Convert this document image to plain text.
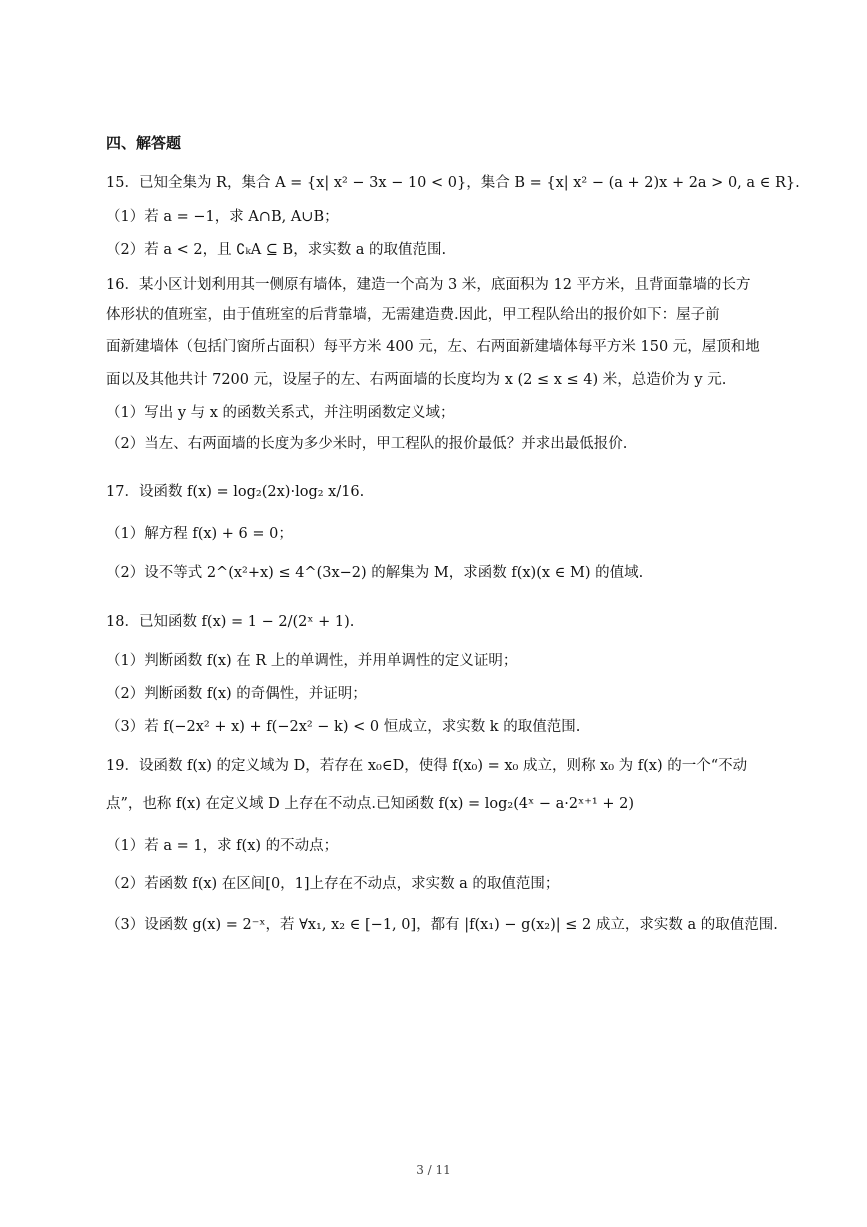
四、解答题
15．已知全集为 R，集合 A = {x| x² − 3x − 10 < 0}，集合 B = {x| x² − (a + 2)x + 2a > 0, a ∈ R}.
（1）若 a = −1，求 A∩B, A∪B；
（2）若 a < 2，且 ∁ₖA ⊆ B，求实数 a 的取值范围.
16．某小区计划利用其一侧原有墙体，建造一个高为 3 米，底面积为 12 平方米，且背面靠墙的长方
体形状的值班室，由于值班室的后背靠墙，无需建造费.因此，甲工程队给出的报价如下：屋子前
面新建墙体（包括门窗所占面积）每平方米 400 元，左、右两面新建墙体每平方米 150 元，屋顶和地
面以及其他共计 7200 元，设屋子的左、右两面墙的长度均为 x (2 ≤ x ≤ 4) 米，总造价为 y 元.
（1）写出 y 与 x 的函数关系式，并注明函数定义域；
（2）当左、右两面墙的长度为多少米时，甲工程队的报价最低？并求出最低报价.
17．设函数 f(x) = log₂(2x)·log₂ x/16.
（1）解方程 f(x) + 6 = 0；
（2）设不等式 2^(x²+x) ≤ 4^(3x−2) 的解集为 M，求函数 f(x)(x ∈ M) 的值域.
18．已知函数 f(x) = 1 − 2/(2ˣ + 1).
（1）判断函数 f(x) 在 R 上的单调性，并用单调性的定义证明；
（2）判断函数 f(x) 的奇偶性，并证明；
（3）若 f(−2x² + x) + f(−2x² − k) < 0 恒成立，求实数 k 的取值范围.
19．设函数 f(x) 的定义域为 D，若存在 x₀∈D，使得 f(x₀) = x₀ 成立，则称 x₀ 为 f(x) 的一个“不动
点”，也称 f(x) 在定义域 D 上存在不动点.已知函数 f(x) = log₂(4ˣ − a·2ˣ⁺¹ + 2)
（1）若 a = 1，求 f(x) 的不动点；
（2）若函数 f(x) 在区间[0，1]上存在不动点，求实数 a 的取值范围；
（3）设函数 g(x) = 2⁻ˣ，若 ∀x₁, x₂ ∈ [−1, 0]，都有 |f(x₁) − g(x₂)| ≤ 2 成立，求实数 a 的取值范围.
3 / 11
